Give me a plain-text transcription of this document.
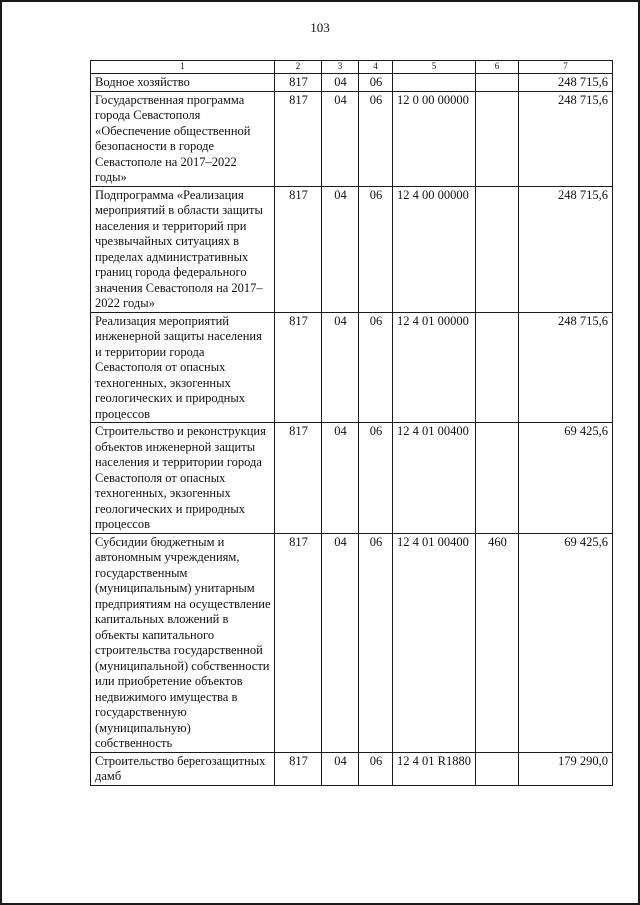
103
1	2	3	4	5	6	7
Водное хозяйство	817	04	06			248 715,6
Государственная программа города Севастополя «Обеспечение общественной безопасности в городе Севастополе на 2017–2022 годы»	817	04	06	12 0 00 00000		248 715,6
Подпрограмма «Реализация мероприятий в области защиты населения и территорий при чрезвычайных ситуациях в пределах административных границ города федерального значения Севастополя на 2017–2022 годы»	817	04	06	12 4 00 00000		248 715,6
Реализация мероприятий инженерной защиты населения и территории города Севастополя от опасных техногенных, экзогенных геологических и природных процессов	817	04	06	12 4 01 00000		248 715,6
Строительство и реконструкция объектов инженерной защиты населения и территории города Севастополя от опасных техногенных, экзогенных геологических и природных процессов	817	04	06	12 4 01 00400		69 425,6
Субсидии бюджетным и автономным учреждениям, государственным (муниципальным) унитарным предприятиям на осуществление капитальных вложений в объекты капитального строительства государственной (муниципальной) собственности или приобретение объектов недвижимого имущества в государственную (муниципальную) собственность	817	04	06	12 4 01 00400	460	69 425,6
Строительство берегозащитных дамб	817	04	06	12 4 01 R1880		179 290,0
